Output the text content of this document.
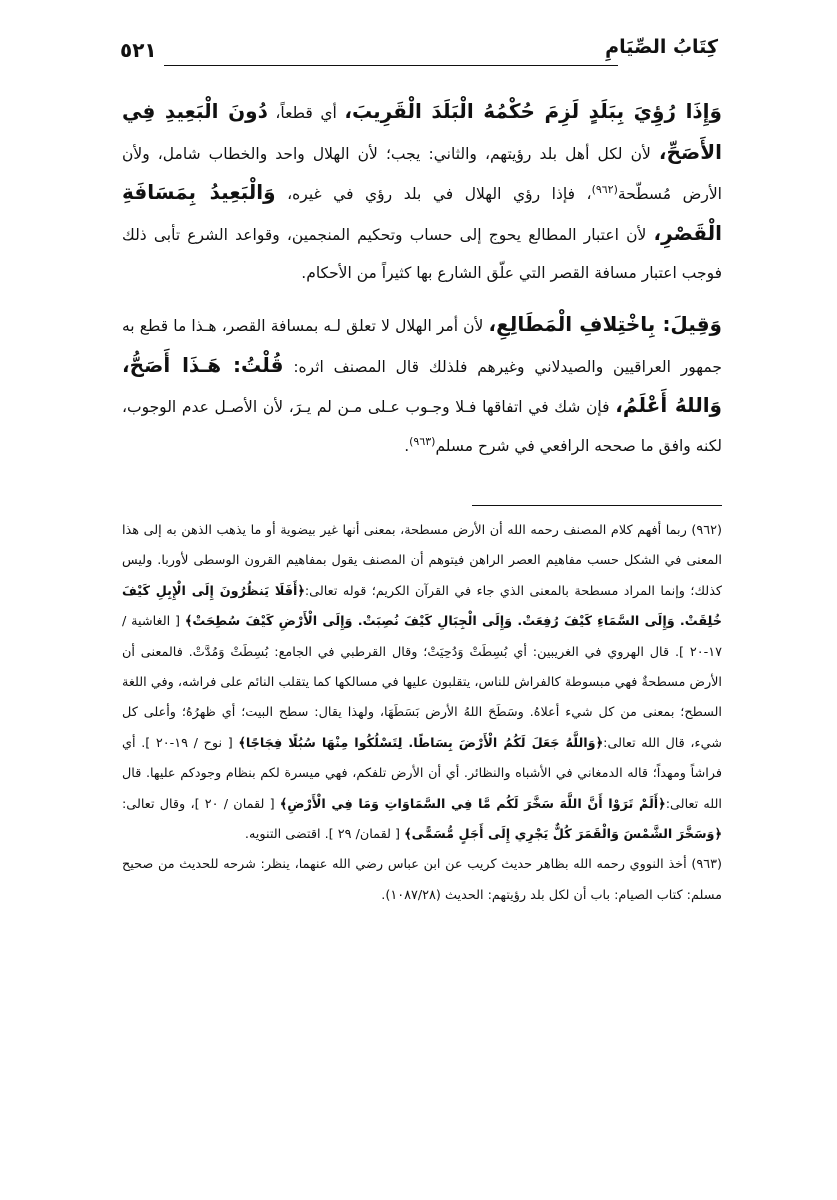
٥٢١	كِتَابُ الصِّيَامِ

وَإِذَا رُؤِيَ بِبَلَدٍ لَزِمَ حُكْمُهُ الْبَلَدَ الْقَرِيبَ، أي قطعاً، دُونَ الْبَعِيدِ فِي الأَصَحِّ، لأن لكل أهل بلد رؤيتهم، والثاني: يجب؛ لأن الهلال واحد والخطاب شامل، ولأن الأرض مُسطّحة$^{(٩٦٢)}$، فإذا رؤي الهلال في بلد رؤي في غيره، وَالْبَعِيدُ بِمَسَافَةِ الْقَصْرِ، لأن اعتبار المطالع يحوج إلى حساب وتحكيم المنجمين، وقواعد الشرع تأبى ذلك فوجب اعتبار مسافة القصر التي علّق الشارع بها كثيراً من الأحكام.

وَقِيلَ: بِاخْتِلافِ الْمَطَالِعِ، لأن أمر الهلال لا تعلق لـه بمسافة القصر، هـذا ما قطع به جمهور العراقيين والصيدلاني وغيرهم فلذلك قال المصنف اثره: قُلْتُ: هَـذَا أَصَحُّ، وَاللهُ أَعْلَمُ، فإن شك في اتفاقها فـلا وجـوب عـلى مـن لم يـرَ، لأن الأصـل عدم الوجوب، لكنه وافق ما صححه الرافعي في شرح مسلم$^{(٩٦٣)}$.

(٩٦٢) ربما أفهم كلام المصنف رحمه الله أن الأرض مسطحة، بمعنى أنها غير بيضوية أو ما يذهب الذهن به إلى هذا المعنى في الشكل حسب مفاهيم العصر الراهن فيتوهم أن المصنف يقول بمفاهيم القرون الوسطى لأوربا. وليس كذلك؛ وإنما المراد مسطحة بالمعنى الذي جاء في القرآن الكريم؛ قوله تعالى:﴿أَفَلَا يَنظُرُونَ إِلَى الْإِبِلِ كَيْفَ خُلِقَتْ. وَإِلَى السَّمَاءِ كَيْفَ رُفِعَتْ. وَإِلَى الْجِبَالِ كَيْفَ نُصِبَتْ. وَإِلَى الْأَرْضِ كَيْفَ سُطِحَتْ﴾ [ الغاشية / ١٧-٢٠ ]. قال الهروي في الغريبين: أي بُسِطَتْ وَدُحِيَتْ؛ وقال القرطبي في الجامع: بُسِطَتْ وَمُدَّتْ. فالمعنى أن الأرض مسطحةٌ فهي مبسوطة كالفراش للناس، يتقلبون عليها في مسالكها كما يتقلب النائم على فراشه، وفي اللغة السطح؛ بمعنى من كل شيء أعلاهُ. وسَطَحَ اللهُ الأرض بَسَطَهَا، ولهذا يقال: سطح البيت؛ أي ظهرُهُ؛ وأعلى كل شيء، قال الله تعالى:﴿وَاللَّهُ جَعَلَ لَكُمُ الْأَرْضَ بِسَاطًا. لِتَسْلُكُوا مِنْهَا سُبُلًا فِجَاجًا﴾ [ نوح / ١٩-٢٠ ]. أي فراشاً ومهداً؛ قاله الدمغاني في الأشباه والنظائر. أي أن الأرض تلفكم، فهي ميسرة لكم بنظام وجودكم عليها. قال الله تعالى:﴿أَلَمْ تَرَوْا أَنَّ اللَّهَ سَخَّرَ لَكُم مَّا فِي السَّمَاوَاتِ وَمَا فِي الْأَرْضِ﴾ [ لقمان / ٢٠ ]، وقال تعالى:﴿وَسَخَّرَ الشَّمْسَ وَالْقَمَرَ كُلٌّ يَجْرِي إِلَى أَجَلٍ مُّسَمًّى﴾ [ لقمان/ ٢٩ ]. اقتضى التنويه.

(٩٦٣) أخذ النووي رحمه الله بظاهر حديث كريب عن ابن عباس رضي الله عنهما، ينظر: شرحه للحديث من صحيح مسلم: كتاب الصيام: باب أن لكل بلد رؤيتهم: الحديث (١٠٨٧/٢٨).
